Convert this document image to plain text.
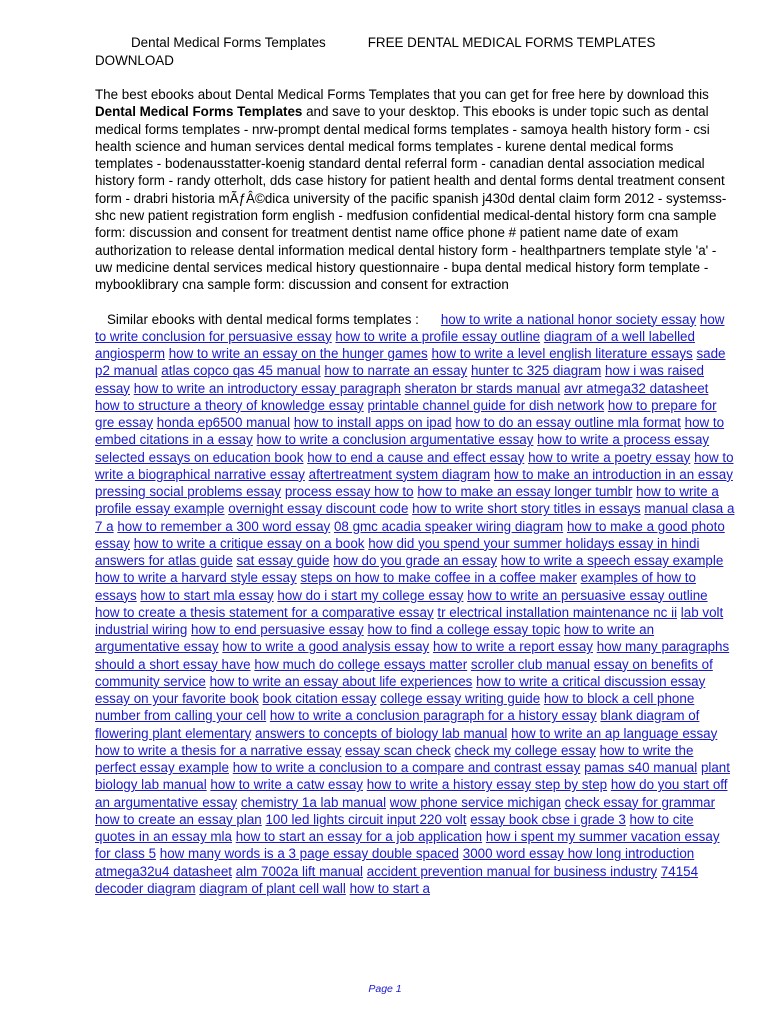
Dental Medical Forms Templates	FREE DENTAL MEDICAL FORMS TEMPLATES
DOWNLOAD
The best ebooks about Dental Medical Forms Templates that you can get for free here by download this Dental Medical Forms Templates and save to your desktop. This ebooks is under topic such as dental medical forms templates - nrw-prompt dental medical forms templates - samoya health history form - csi health science and human services dental medical forms templates - kurene dental medical forms templates - bodenausstatter-koenig standard dental referral form - canadian dental association medical history form - randy otterholt, dds case history for patient health and dental forms dental treatment consent form - drabri historia mÃƒÂ©dica university of the pacific spanish j430d dental claim form 2012 - systemss-shc new patient registration form english - medfusion confidential medical-dental history form cna sample form: discussion and consent for treatment dentist name office phone # patient name date of exam authorization to release dental information medical dental history form - healthpartners template style 'a' - uw medicine dental services medical history questionnaire - bupa dental medical history form template - mybooklibrary cna sample form: discussion and consent for extraction
Similar ebooks with dental medical forms templates : how to write a national honor society essay how to write conclusion for persuasive essay how to write a profile essay outline diagram of a well labelled angiosperm how to write an essay on the hunger games how to write a level english literature essays sade p2 manual atlas copco qas 45 manual how to narrate an essay hunter tc 325 diagram how i was raised essay how to write an introductory essay paragraph sheraton br stards manual avr atmega32 datasheet how to structure a theory of knowledge essay printable channel guide for dish network how to prepare for gre essay honda ep6500 manual how to install apps on ipad how to do an essay outline mla format how to embed citations in a essay how to write a conclusion argumentative essay how to write a process essay selected essays on education book how to end a cause and effect essay how to write a poetry essay how to write a biographical narrative essay aftertreatment system diagram how to make an introduction in an essay pressing social problems essay process essay how to how to make an essay longer tumblr how to write a profile essay example overnight essay discount code how to write short story titles in essays manual clasa a 7 a how to remember a 300 word essay 08 gmc acadia speaker wiring diagram how to make a good photo essay how to write a critique essay on a book how did you spend your summer holidays essay in hindi answers for atlas guide sat essay guide how do you grade an essay how to write a speech essay example how to write a harvard style essay steps on how to make coffee in a coffee maker examples of how to essays how to start mla essay how do i start my college essay how to write an persuasive essay outline how to create a thesis statement for a comparative essay tr electrical installation maintenance nc ii lab volt industrial wiring how to end persuasive essay how to find a college essay topic how to write an argumentative essay how to write a good analysis essay how to write a report essay how many paragraphs should a short essay have how much do college essays matter scroller club manual essay on benefits of community service how to write an essay about life experiences how to write a critical discussion essay essay on your favorite book book citation essay college essay writing guide how to block a cell phone number from calling your cell how to write a conclusion paragraph for a history essay blank diagram of flowering plant elementary answers to concepts of biology lab manual how to write an ap language essay how to write a thesis for a narrative essay essay scan check check my college essay how to write the perfect essay example how to write a conclusion to a compare and contrast essay pamas s40 manual plant biology lab manual how to write a catw essay how to write a history essay step by step how do you start off an argumentative essay chemistry 1a lab manual wow phone service michigan check essay for grammar how to create an essay plan 100 led lights circuit input 220 volt essay book cbse i grade 3 how to cite quotes in an essay mla how to start an essay for a job application how i spent my summer vacation essay for class 5 how many words is a 3 page essay double spaced 3000 word essay how long introduction atmega32u4 datasheet alm 7002a lift manual accident prevention manual for business industry 74154 decoder diagram diagram of plant cell wall how to start a
Page 1
